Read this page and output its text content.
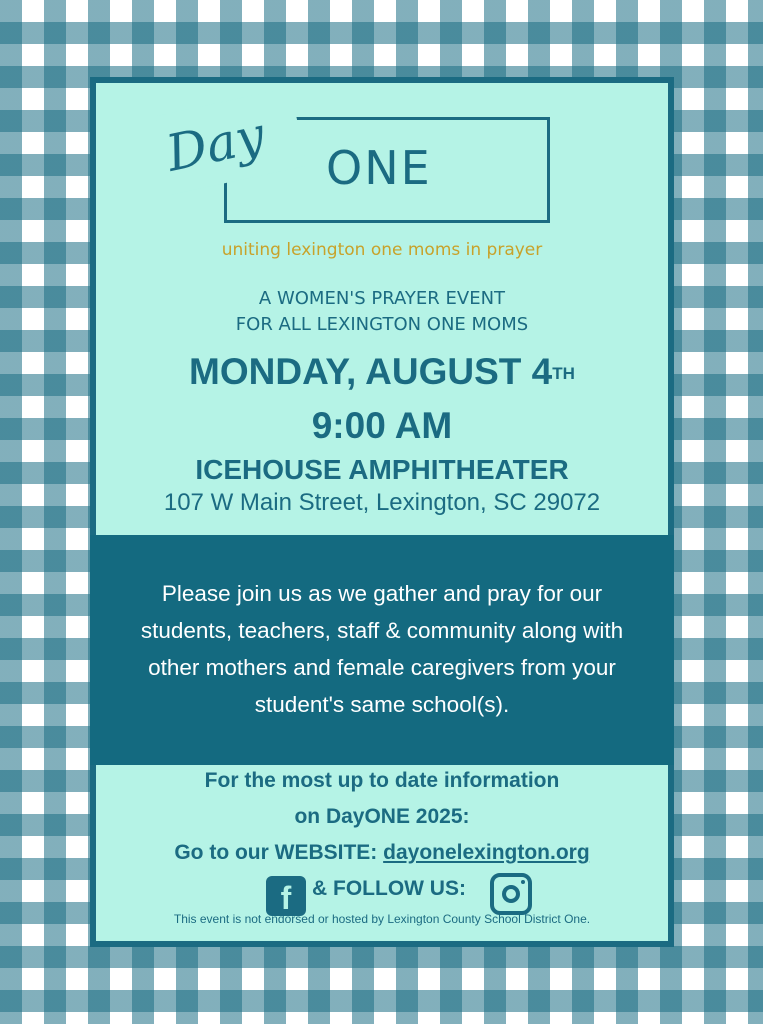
Day	ONE
uniting lexington one moms in prayer
A WOMEN'S PRAYER EVENT
FOR ALL LEXINGTON ONE MOMS
MONDAY, AUGUST 4TH
9:00 AM
ICEHOUSE AMPHITHEATER
107 W Main Street, Lexington, SC 29072
Please join us as we gather and pray for our
students, teachers, staff & community along with
other mothers and female caregivers from your
student's same school(s).
For the most up to date information
on DayONE 2025:
Go to our WEBSITE: dayonelexington.org
f & FOLLOW US:
This event is not endorsed or hosted by Lexington County School District One.
